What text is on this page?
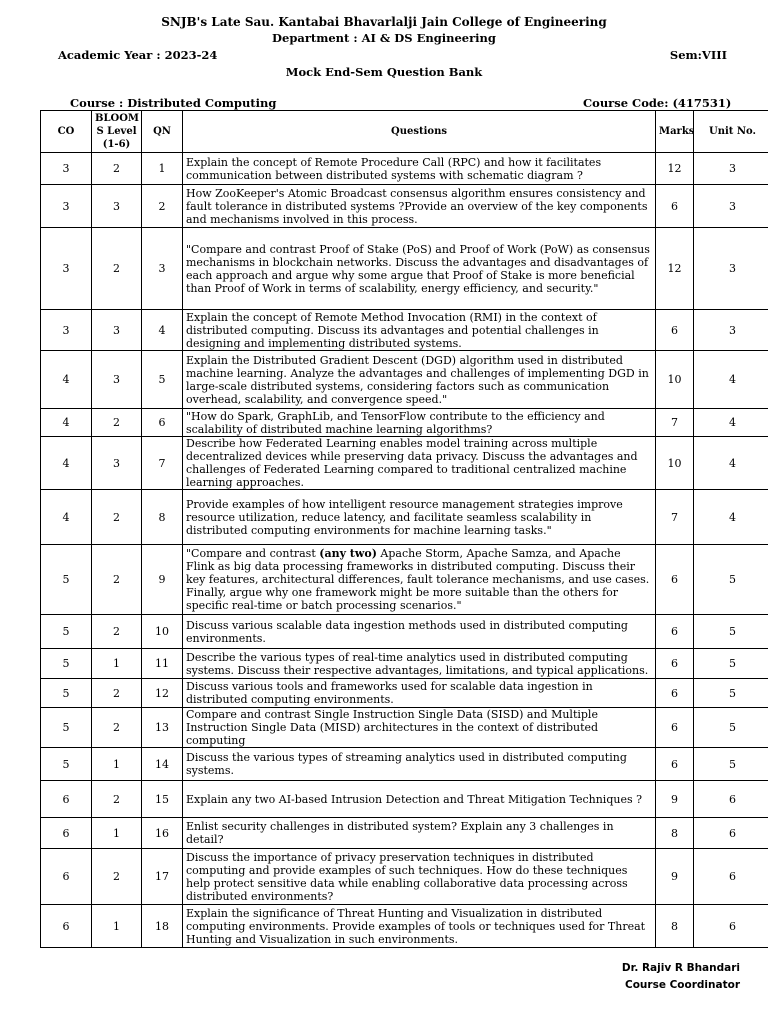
SNJB's Late Sau. Kantabai Bhavarlalji Jain College of Engineering
Department : AI & DS Engineering
Academic Year : 2023-24	Sem:VIII
Mock End-Sem Question Bank
Course : Distributed Computing	Course Code: (417531)
CO	BLOOM S Level (1-6)	QN	Questions	Marks	Unit No.
3	2	1	Explain the concept of Remote Procedure Call (RPC) and how it facilitates communication between distributed systems with schematic diagram ?	12	3
3	3	2	How ZooKeeper's Atomic Broadcast consensus algorithm ensures consistency and fault tolerance in distributed systems ?Provide an overview of the key components and mechanisms involved in this process.	6	3
3	2	3	"Compare and contrast Proof of Stake (PoS) and Proof of Work (PoW) as consensus mechanisms in blockchain networks. Discuss the advantages and disadvantages of each approach and argue why some argue that Proof of Stake is more beneficial than Proof of Work in terms of scalability, energy efficiency, and security."	12	3
3	3	4	Explain the concept of Remote Method Invocation (RMI) in the context of distributed computing. Discuss its advantages and potential challenges in designing and implementing distributed systems.	6	3
4	3	5	Explain the Distributed Gradient Descent (DGD) algorithm used in distributed machine learning. Analyze the advantages and challenges of implementing DGD in large-scale distributed systems, considering factors such as communication overhead, scalability, and convergence speed."	10	4
4	2	6	"How do Spark, GraphLib, and TensorFlow contribute to the efficiency and scalability of distributed machine learning algorithms?	7	4
4	3	7	Describe how Federated Learning enables model training across multiple decentralized devices while preserving data privacy. Discuss the advantages and challenges of Federated Learning compared to traditional centralized machine learning approaches.	10	4
4	2	8	Provide examples of how intelligent resource management strategies improve resource utilization, reduce latency, and facilitate seamless scalability in distributed computing environments for machine learning tasks."	7	4
5	2	9	"Compare and contrast (any two) Apache Storm, Apache Samza, and Apache Flink as big data processing frameworks in distributed computing. Discuss their key features, architectural differences, fault tolerance mechanisms, and use cases. Finally, argue why one framework might be more suitable than the others for specific real-time or batch processing scenarios."	6	5
5	2	10	Discuss various scalable data ingestion methods used in distributed computing environments.	6	5
5	1	11	Describe the various types of real-time analytics used in distributed computing systems. Discuss their respective advantages, limitations, and typical applications.	6	5
5	2	12	Discuss various tools and frameworks used for scalable data ingestion in distributed computing environments.	6	5
5	2	13	Compare and contrast Single Instruction Single Data (SISD) and Multiple Instruction Single Data (MISD) architectures in the context of distributed computing	6	5
5	1	14	Discuss the various types of streaming analytics used in distributed computing systems.	6	5
6	2	15	Explain any two AI-based Intrusion Detection and Threat Mitigation Techniques ?	9	6
6	1	16	Enlist security challenges in distributed system? Explain any 3 challenges in detail?	8	6
6	2	17	Discuss the importance of privacy preservation techniques in distributed computing and provide examples of such techniques. How do these techniques help protect sensitive data while enabling collaborative data processing across distributed environments?	9	6
6	1	18	Explain the significance of Threat Hunting and Visualization in distributed computing environments. Provide examples of tools or techniques used for Threat Hunting and Visualization in such environments.	8	6
Dr. Rajiv R Bhandari
Course Coordinator
